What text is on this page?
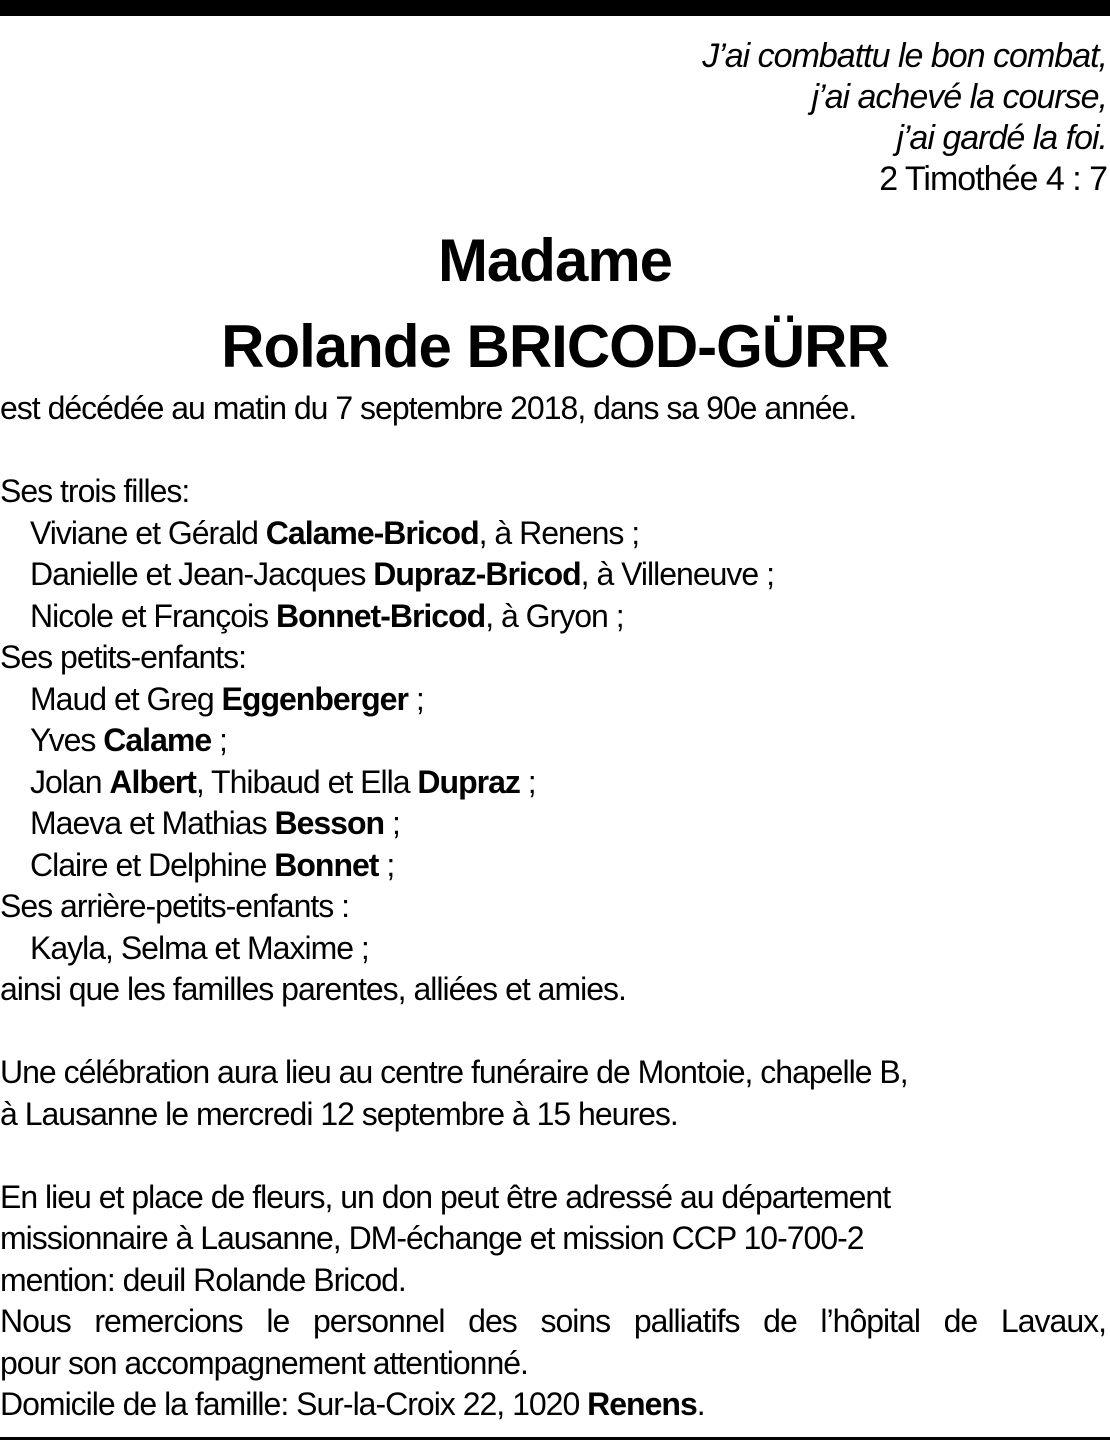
J’ai combattu le bon combat,
j’ai achevé la course,
j’ai gardé la foi.
2 Timothée 4 : 7
Madame
Rolande BRICOD-GÜRR
est décédée au matin du 7 septembre 2018, dans sa 90e année.
Ses trois filles:
Viviane et Gérald Calame-Bricod, à Renens ;
Danielle et Jean-Jacques Dupraz-Bricod, à Villeneuve ;
Nicole et François Bonnet-Bricod, à Gryon ;
Ses petits-enfants:
Maud et Greg Eggenberger ;
Yves Calame ;
Jolan Albert, Thibaud et Ella Dupraz ;
Maeva et Mathias Besson ;
Claire et Delphine Bonnet ;
Ses arrière-petits-enfants :
Kayla, Selma et Maxime ;
ainsi que les familles parentes, alliées et amies.
Une célébration aura lieu au centre funéraire de Montoie, chapelle B,
à Lausanne le mercredi 12 septembre à 15 heures.
En lieu et place de fleurs, un don peut être adressé au département
missionnaire à Lausanne, DM-échange et mission CCP 10-700-2
mention: deuil Rolande Bricod.
Nous remercions le personnel des soins palliatifs de l’hôpital de Lavaux,
pour son accompagnement attentionné.
Domicile de la famille: Sur-la-Croix 22, 1020 Renens.
